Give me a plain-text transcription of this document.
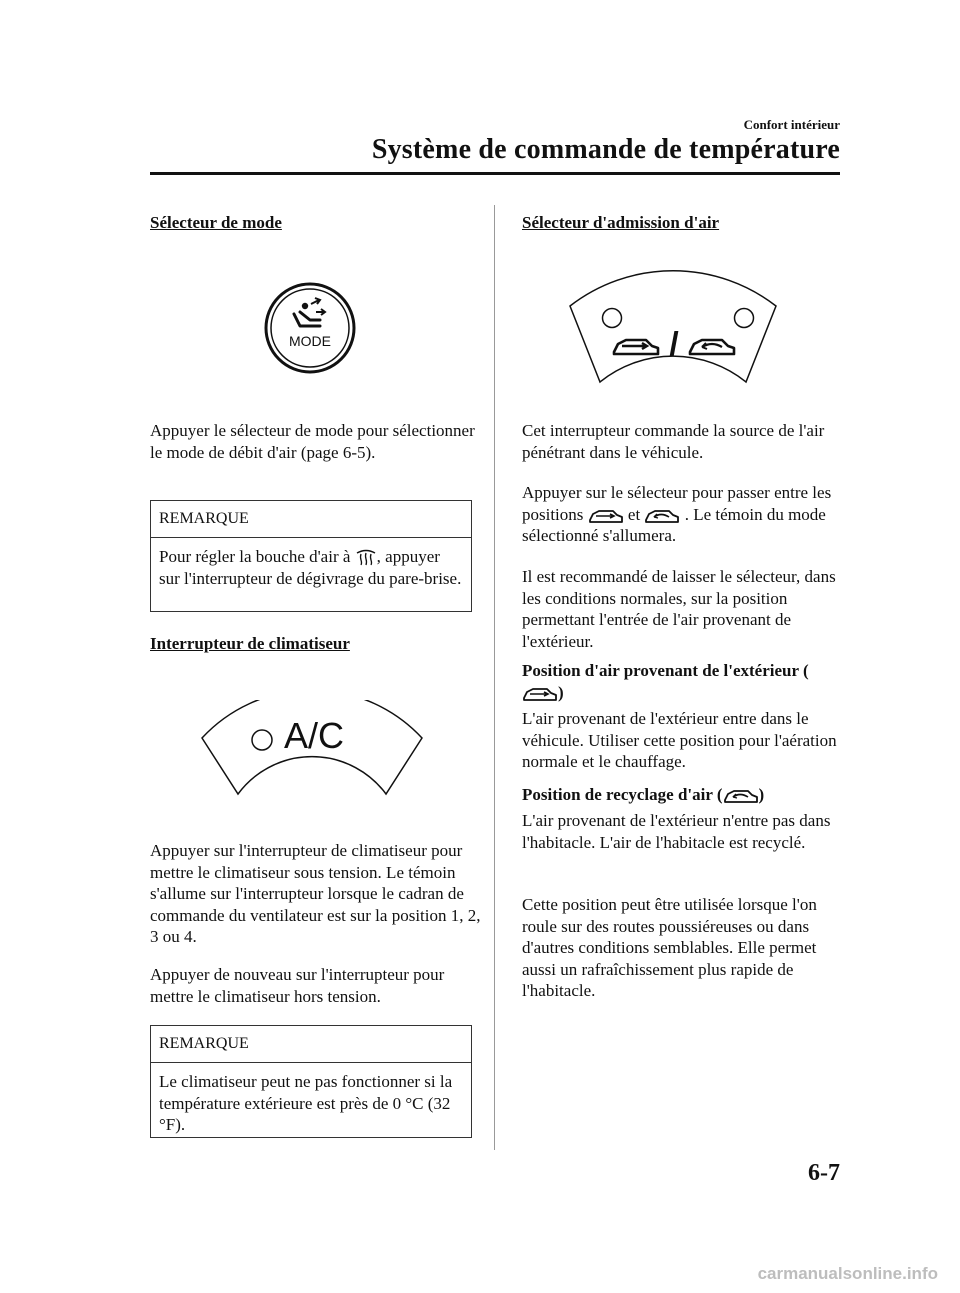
Confort intérieur
Système de commande de température
Sélecteur de mode
MODE
Appuyer le sélecteur de mode pour sélectionner le mode de débit d'air (page 6-5).
REMARQUE
Pour régler la bouche d'air à , appuyer sur l'interrupteur de dégivrage du pare-brise.
Interrupteur de climatiseur
A/C
Appuyer sur l'interrupteur de climatiseur pour mettre le climatiseur sous tension. Le témoin s'allume sur l'interrupteur lorsque le cadran de commande du ventilateur est sur la position 1, 2, 3 ou 4.
Appuyer de nouveau sur l'interrupteur pour mettre le climatiseur hors tension.
REMARQUE
Le climatiseur peut ne pas fonctionner si la température extérieure est près de 0 °C (32 °F).
Sélecteur d'admission d'air
/
Cet interrupteur commande la source de l'air pénétrant dans le véhicule.
Appuyer sur le sélecteur pour passer entre les positions	et	. Le témoin du mode sélectionné s'allumera.
Il est recommandé de laisser le sélecteur, dans les conditions normales, sur la position permettant l'entrée de l'air provenant de l'extérieur.
Position d'air provenant de l'extérieur ()
L'air provenant de l'extérieur entre dans le véhicule. Utiliser cette position pour l'aération normale et le chauffage.
Position de recyclage d'air ( )
L'air provenant de l'extérieur n'entre pas dans l'habitacle. L'air de l'habitacle est recyclé.
Cette position peut être utilisée lorsque l'on roule sur des routes poussiéreuses ou dans d'autres conditions semblables. Elle permet aussi un rafraîchissement plus rapide de l'habitacle.
6-7
carmanualsonline.info
